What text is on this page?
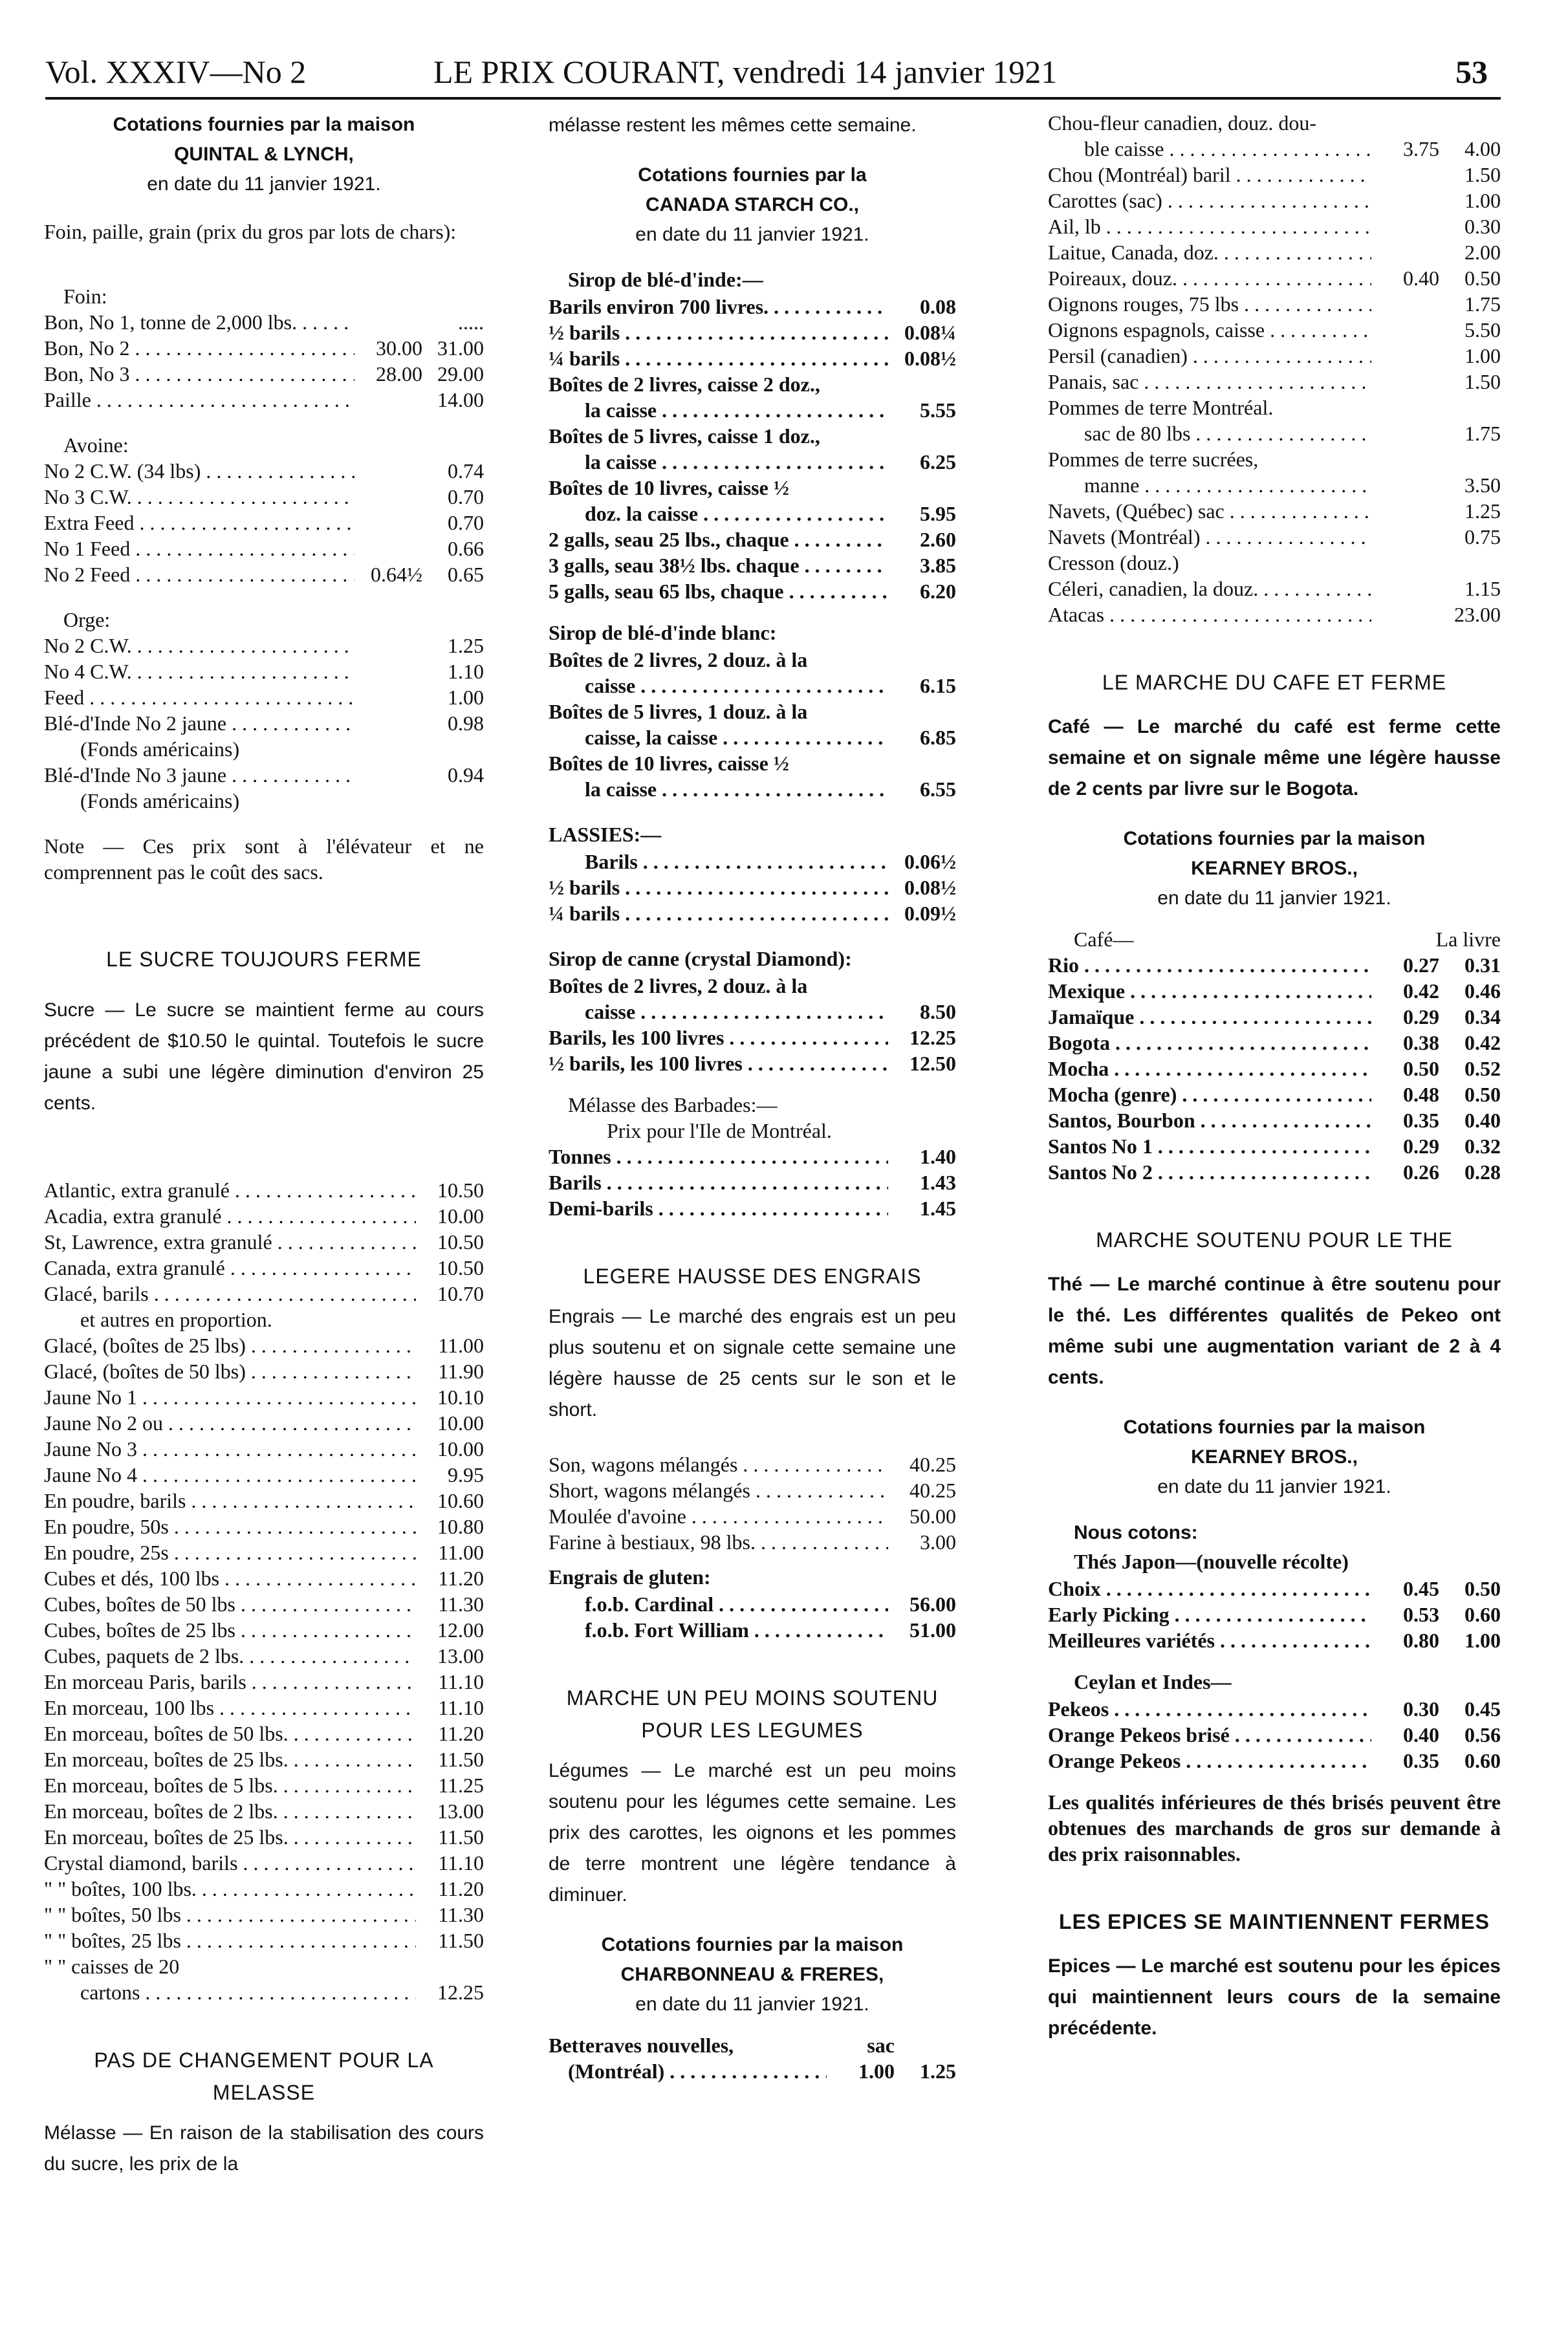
Vol. XXXIV—No 2	LE PRIX COURANT, vendredi 14 janvier 1921	53
Cotations fournies par la maison
QUINTAL & LYNCH,
en date du 11 janvier 1921.
Foin, paille, grain (prix du gros par lots de chars):
Foin:
Bon, No 1, tonne de 2,000 lbs. . . .	.....
Bon, No 2 . . .	30.00 31.00
Bon, No 3 . . .	28.00 29.00
Paille . . .	14.00
Avoine:
No 2 C.W. (34 lbs) . . .	0.74
No 3 C.W. . . .	0.70
Extra Feed . . .	0.70
No 1 Feed . . .	0.66
No 2 Feed . . .	0.64½	0.65
Orge:
No 2 C.W. . . .	1.25
No 4 C.W. . . .	1.10
Feed . . .	1.00
Blé-d'Inde No 2 jaune . . .	0.98
(Fonds américains)
Blé-d'Inde No 3 jaune . . .	0.94
(Fonds américains)
Note — Ces prix sont à l'élévateur et ne comprennent pas le coût des sacs.
LE SUCRE TOUJOURS FERME
Sucre — Le sucre se maintient ferme au cours précédent de $10.50 le quintal. Toutefois le sucre jaune a subi une légère diminution d'environ 25 cents.
Atlantic, extra granulé . . .	10.50
Acadia, extra granulé . . .	10.00
St, Lawrence, extra granulé . . .	10.50
Canada, extra granulé . . .	10.50
Glacé, barils . . .	10.70
et autres en proportion.
Glacé, (boîtes de 25 lbs) . . .	11.00
Glacé, (boîtes de 50 lbs) . . .	11.90
Jaune No 1 . . .	10.10
Jaune No 2 ou . . .	10.00
Jaune No 3 . . .	10.00
Jaune No 4 . . .	9.95
En poudre, barils . . .	10.60
En poudre, 50s . . .	10.80
En poudre, 25s . . .	11.00
Cubes et dés, 100 lbs . . .	11.20
Cubes, boîtes de 50 lbs . . .	11.30
Cubes, boîtes de 25 lbs . . .	12.00
Cubes, paquets de 2 lbs. . . .	13.00
En morceau Paris, barils . . .	11.10
En morceau, 100 lbs . . .	11.10
En morceau, boîtes de 50 lbs. . . .	11.20
En morceau, boîtes de 25 lbs. . . .	11.50
En morceau, boîtes de 5 lbs. . . .	11.25
En morceau, boîtes de 2 lbs. . . .	13.00
En morceau, boîtes de 25 lbs. . . .	11.50
Crystal diamond, barils . . .	11.10
" " boîtes, 100 lbs. . . .	11.20
" " boîtes, 50 lbs . . .	11.30
" " boîtes, 25 lbs . . .	11.50
" " caisses de 20
cartons . . .	12.25
PAS DE CHANGEMENT POUR LA MELASSE
Mélasse — En raison de la stabilisation des cours du sucre, les prix de la
mélasse restent les mêmes cette semaine.
Cotations fournies par la
CANADA STARCH CO.,
en date du 11 janvier 1921.
Sirop de blé-d'inde:—
Barils environ 700 livres. . . .	0.08
½ barils . . .	0.08¼
¼ barils . . .	0.08½
Boîtes de 2 livres, caisse 2 doz.,
la caisse . . .	5.55
Boîtes de 5 livres, caisse 1 doz.,
la caisse . . .	6.25
Boîtes de 10 livres, caisse ½
doz. la caisse . . .	5.95
2 galls, seau 25 lbs., chaque . . .	2.60
3 galls, seau 38½ lbs. chaque . . .	3.85
5 galls, seau 65 lbs, chaque . . .	6.20
Sirop de blé-d'inde blanc:
Boîtes de 2 livres, 2 douz. à la
caisse . . .	6.15
Boîtes de 5 livres, 1 douz. à la
caisse, la caisse . . .	6.85
Boîtes de 10 livres, caisse ½
la caisse . . .	6.55
LASSIES:—
Barils . . .	0.06½
½ barils . . .	0.08½
¼ barils . . .	0.09½
Sirop de canne (crystal Diamond):
Boîtes de 2 livres, 2 douz. à la
caisse . . .	8.50
Barils, les 100 livres . . .	12.25
½ barils, les 100 livres . . .	12.50
Mélasse des Barbades:—
Prix pour l'Ile de Montréal.
Tonnes . . .	1.40
Barils . . .	1.43
Demi-barils . . .	1.45
LEGERE HAUSSE DES ENGRAIS
Engrais — Le marché des engrais est un peu plus soutenu et on signale cette semaine une légère hausse de 25 cents sur le son et le short.
Son, wagons mélangés . . .	40.25
Short, wagons mélangés . . .	40.25
Moulée d'avoine . . .	50.00
Farine à bestiaux, 98 lbs. . . .	3.00
Engrais de gluten:
f.o.b. Cardinal . . .	56.00
f.o.b. Fort William . . .	51.00
MARCHE UN PEU MOINS SOUTENU POUR LES LEGUMES
Légumes — Le marché est un peu moins soutenu pour les légumes cette semaine. Les prix des carottes, les oignons et les pommes de terre montrent une légère tendance à diminuer.
Cotations fournies par la maison
CHARBONNEAU & FRERES,
en date du 11 janvier 1921.
Betteraves nouvelles,	sac
(Montréal) . . .	1.00	1.25
Chou-fleur canadien, douz. dou-
ble caisse . . .	3.75	4.00
Chou (Montréal) baril . . .	1.50
Carottes (sac) . . .	1.00
Ail, lb . . .	0.30
Laitue, Canada, doz. . . .	2.00
Poireaux, douz. . . .	0.40	0.50
Oignons rouges, 75 lbs . . .	1.75
Oignons espagnols, caisse . . .	5.50
Persil (canadien) . . .	1.00
Panais, sac . . .	1.50
Pommes de terre Montréal.
sac de 80 lbs . . .	1.75
Pommes de terre sucrées,
manne . . .	3.50
Navets, (Québec) sac . . .	1.25
Navets (Montréal) . . .	0.75
Cresson (douz.)
Céleri, canadien, la douz. . . .	1.15
Atacas . . .	23.00
LE MARCHE DU CAFE ET FERME
Café — Le marché du café est ferme cette semaine et on signale même une légère hausse de 2 cents par livre sur le Bogota.
Cotations fournies par la maison
KEARNEY BROS.,
en date du 11 janvier 1921.
Café—	La livre
Rio . . .	0.27	0.31
Mexique . . .	0.42	0.46
Jamaïque . . .	0.29	0.34
Bogota . . .	0.38	0.42
Mocha . . .	0.50	0.52
Mocha (genre) . . .	0.48	0.50
Santos, Bourbon . . .	0.35	0.40
Santos No 1 . . .	0.29	0.32
Santos No 2 . . .	0.26	0.28
MARCHE SOUTENU POUR LE THE
Thé — Le marché continue à être soutenu pour le thé. Les différentes qualités de Pekeo ont même subi une augmentation variant de 2 à 4 cents.
Cotations fournies par la maison
KEARNEY BROS.,
en date du 11 janvier 1921.
Nous cotons:
Thés Japon—(nouvelle récolte)
Choix . . .	0.45	0.50
Early Picking . . .	0.53	0.60
Meilleures variétés . . .	0.80	1.00
Ceylan et Indes—
Pekeos . . .	0.30	0.45
Orange Pekeos brisé . . .	0.40	0.56
Orange Pekeos . . .	0.35	0.60
Les qualités inférieures de thés brisés peuvent être obtenues des marchands de gros sur demande à des prix raisonnables.
LES EPICES SE MAINTIENNENT FERMES
Epices — Le marché est soutenu pour les épices qui maintiennent leurs cours de la semaine précédente.
